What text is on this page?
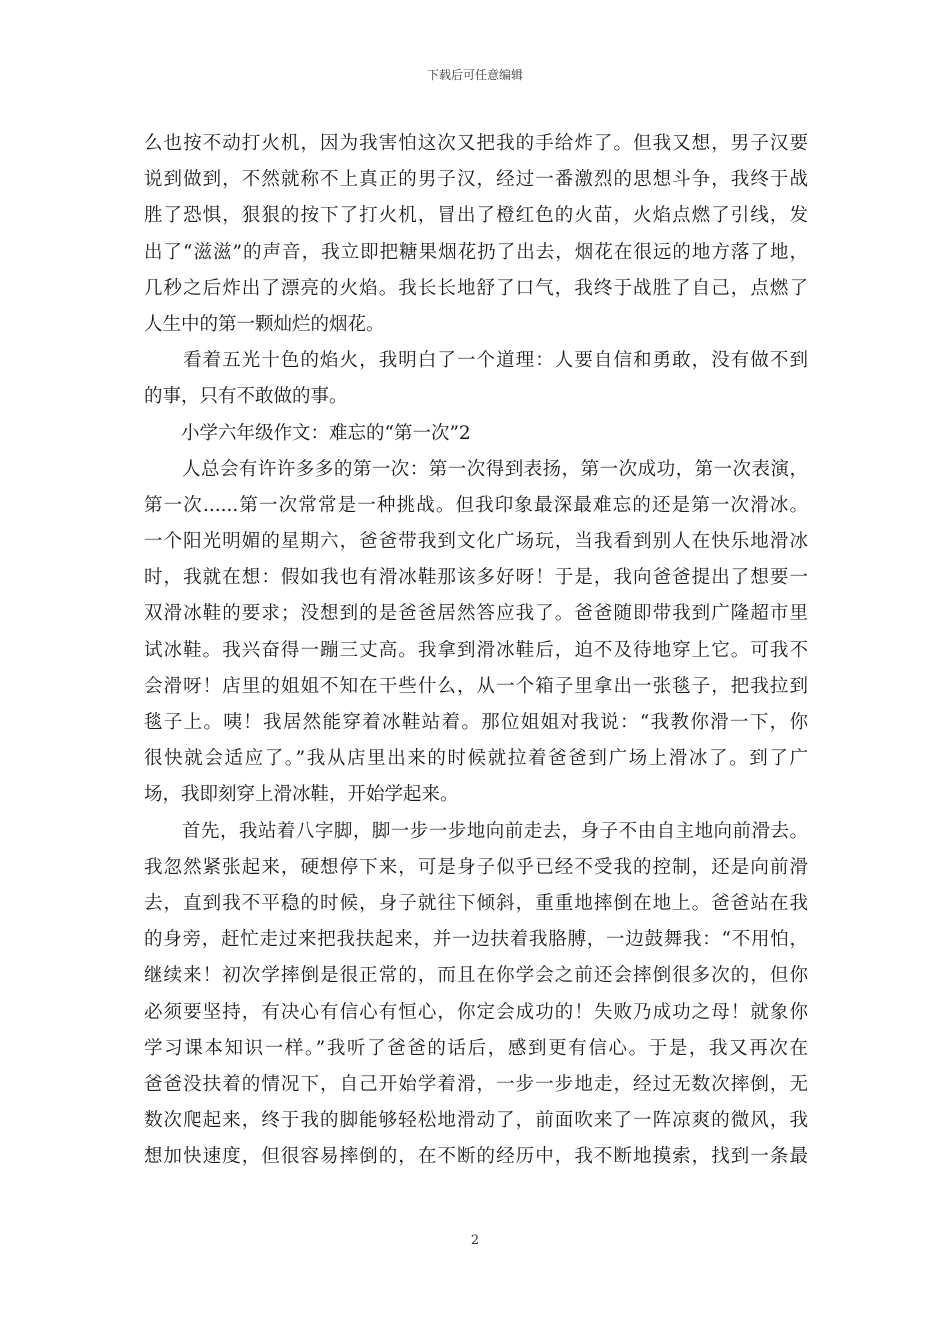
下载后可任意编辑
么也按不动打火机，因为我害怕这次又把我的手给炸了。但我又想，男子汉要
说到做到，不然就称不上真正的男子汉，经过一番激烈的思想斗争，我终于战
胜了恐惧，狠狠的按下了打火机，冒出了橙红色的火苗，火焰点燃了引线，发
出了“滋滋”的声音，我立即把糖果烟花扔了出去，烟花在很远的地方落了地，
几秒之后炸出了漂亮的火焰。我长长地舒了口气，我终于战胜了自己，点燃了
人生中的第一颗灿烂的烟花。
　　看着五光十色的焰火，我明白了一个道理：人要自信和勇敢，没有做不到
的事，只有不敢做的事。
　　小学六年级作文：难忘的“第一次”2
　　人总会有许许多多的第一次：第一次得到表扬，第一次成功，第一次表演，
第一次......第一次常常是一种挑战。但我印象最深最难忘的还是第一次滑冰。
一个阳光明媚的星期六，爸爸带我到文化广场玩，当我看到别人在快乐地滑冰
时，我就在想：假如我也有滑冰鞋那该多好呀！于是，我向爸爸提出了想要一
双滑冰鞋的要求；没想到的是爸爸居然答应我了。爸爸随即带我到广隆超市里
试冰鞋。我兴奋得一蹦三丈高。我拿到滑冰鞋后，迫不及待地穿上它。可我不
会滑呀！店里的姐姐不知在干些什么，从一个箱子里拿出一张毯子，把我拉到
毯子上。咦！我居然能穿着冰鞋站着。那位姐姐对我说：“我教你滑一下，你
很快就会适应了。”我从店里出来的时候就拉着爸爸到广场上滑冰了。到了广
场，我即刻穿上滑冰鞋，开始学起来。
　　首先，我站着八字脚，脚一步一步地向前走去，身子不由自主地向前滑去。
我忽然紧张起来，硬想停下来，可是身子似乎已经不受我的控制，还是向前滑
去，直到我不平稳的时候，身子就往下倾斜，重重地摔倒在地上。爸爸站在我
的身旁，赶忙走过来把我扶起来，并一边扶着我胳膊，一边鼓舞我：“不用怕，
继续来！初次学摔倒是很正常的，而且在你学会之前还会摔倒很多次的，但你
必须要坚持，有决心有信心有恒心，你定会成功的！失败乃成功之母！就象你
学习课本知识一样。”我听了爸爸的话后，感到更有信心。于是，我又再次在
爸爸没扶着的情况下，自己开始学着滑，一步一步地走，经过无数次摔倒，无
数次爬起来，终于我的脚能够轻松地滑动了，前面吹来了一阵凉爽的微风，我
想加快速度，但很容易摔倒的，在不断的经历中，我不断地摸索，找到一条最
2
